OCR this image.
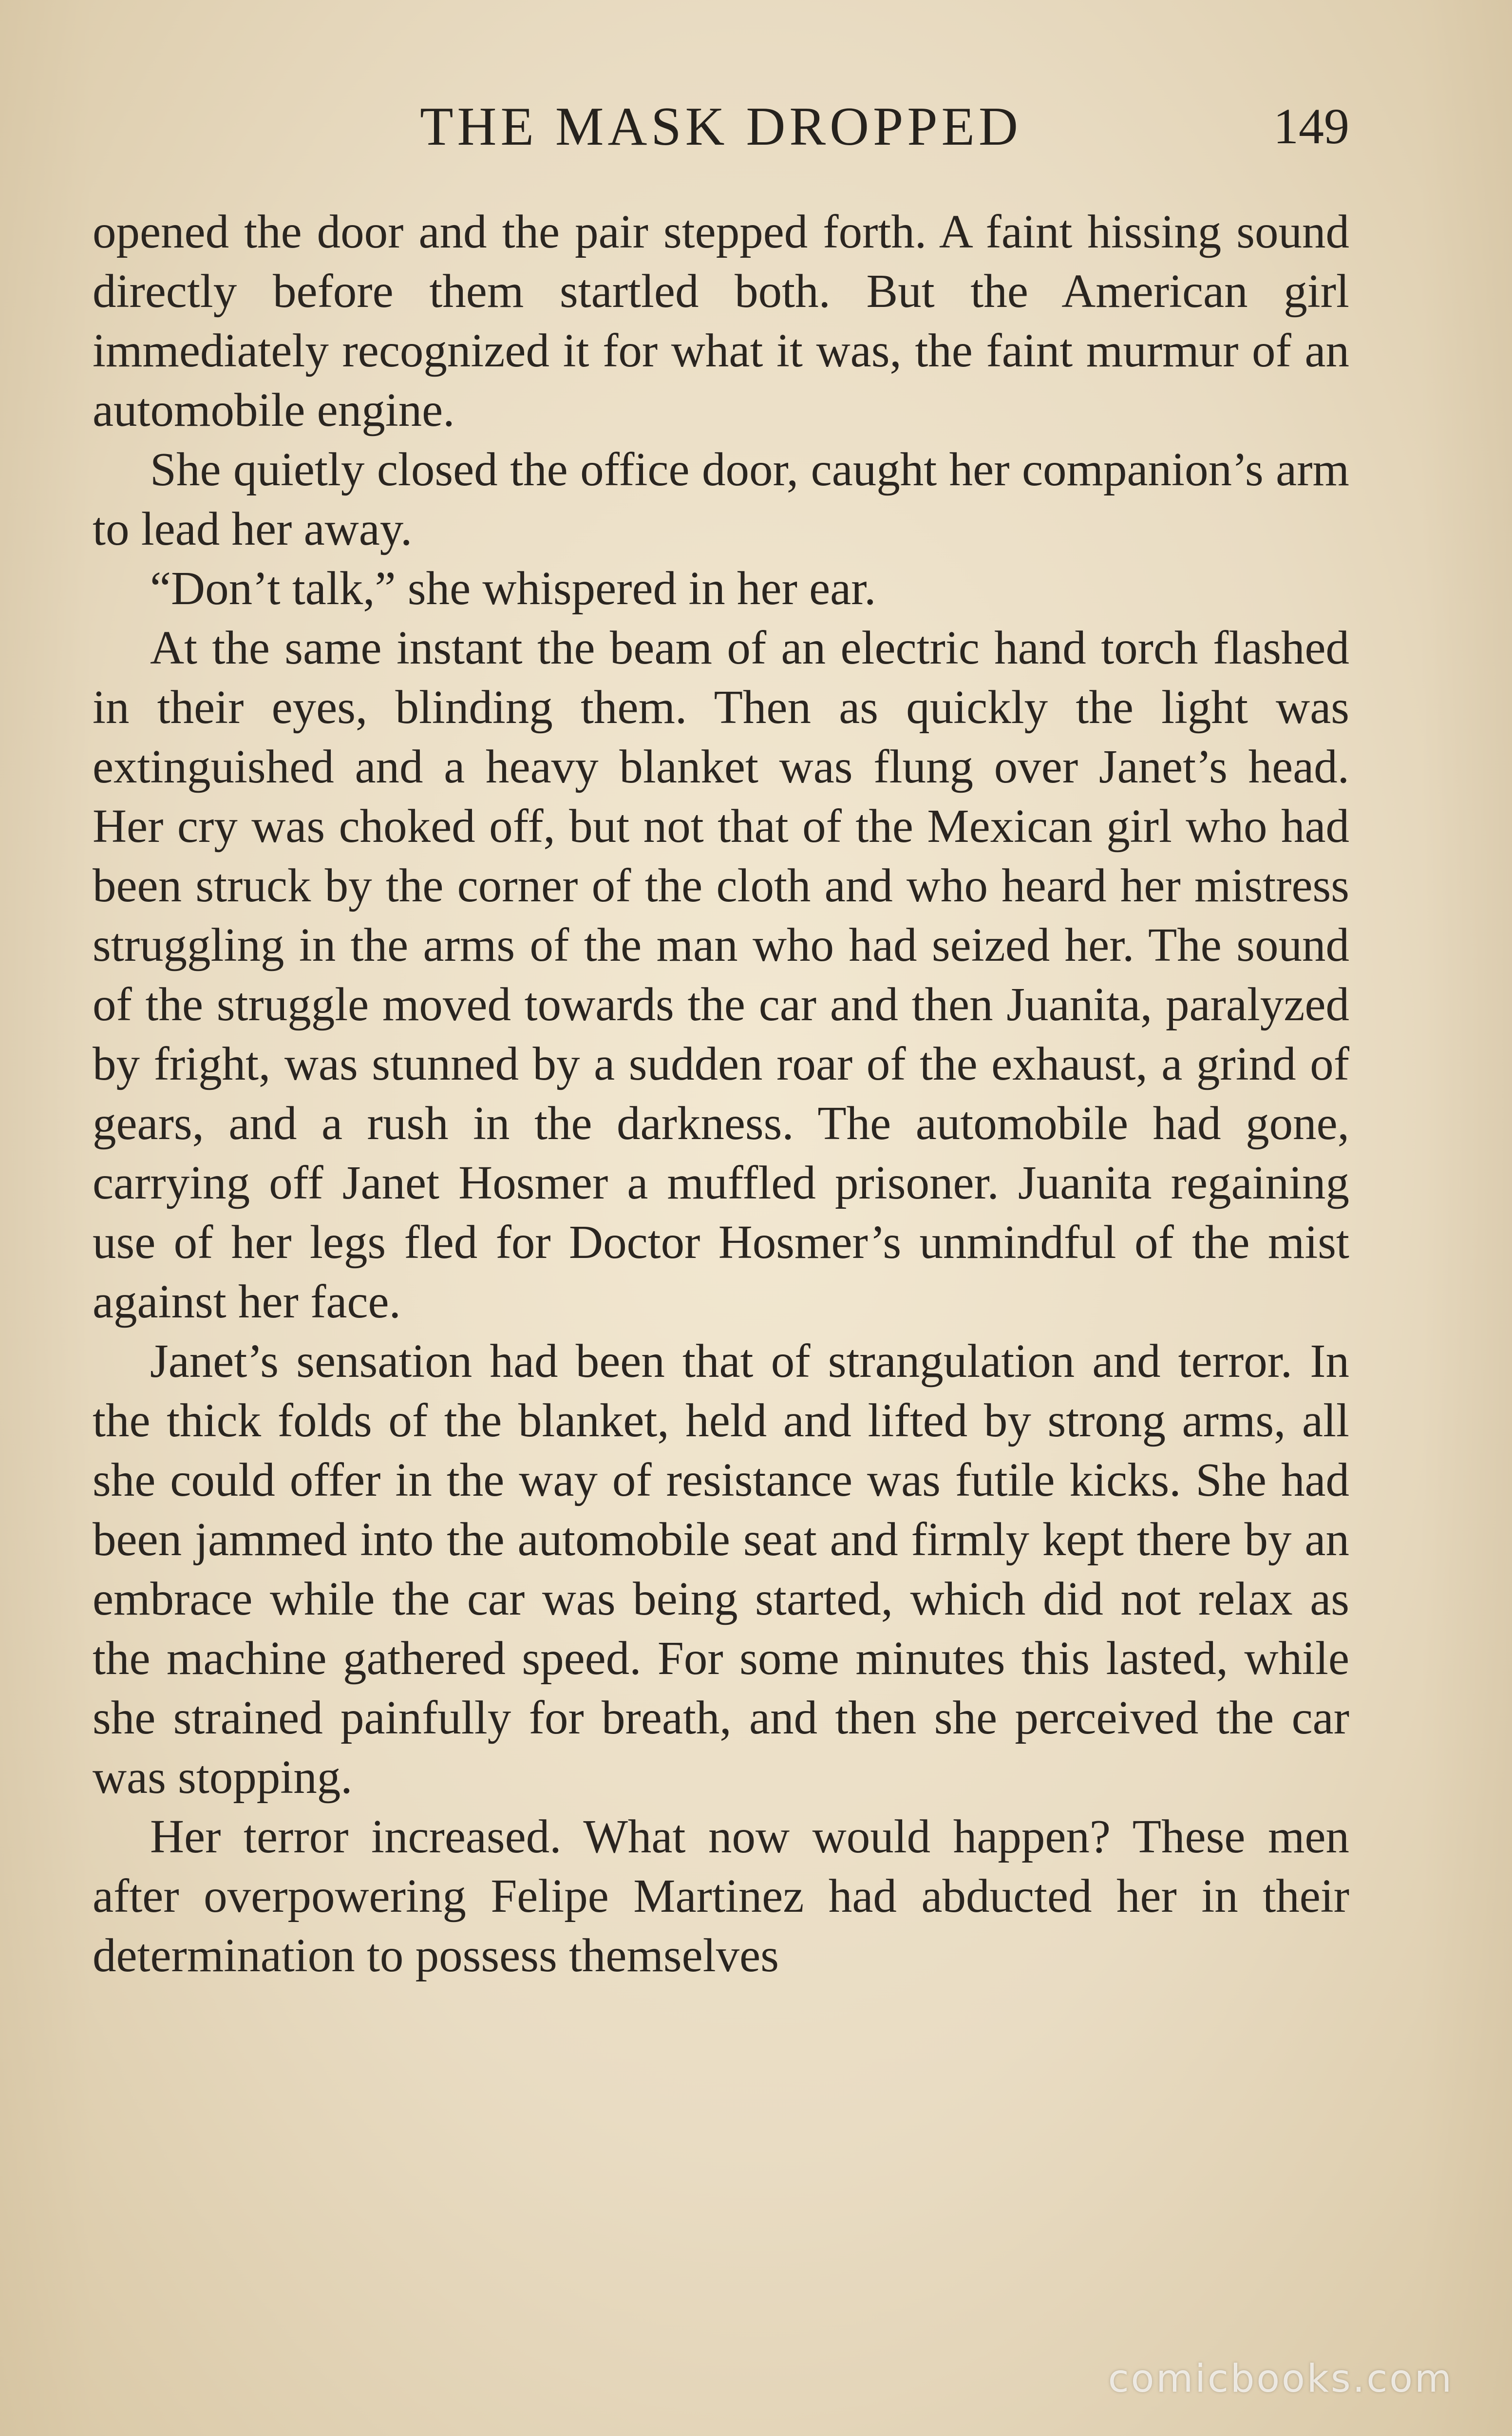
THE MASK DROPPED	149

opened the door and the pair stepped forth. A faint hissing sound directly before them startled both. But the American girl immediately recognized it for what it was, the faint murmur of an automobile engine.

She quietly closed the office door, caught her companion’s arm to lead her away.

“Don’t talk,” she whispered in her ear.

At the same instant the beam of an electric hand torch flashed in their eyes, blinding them. Then as quickly the light was extinguished and a heavy blanket was flung over Janet’s head. Her cry was choked off, but not that of the Mexican girl who had been struck by the corner of the cloth and who heard her mistress struggling in the arms of the man who had seized her. The sound of the struggle moved towards the car and then Juanita, paralyzed by fright, was stunned by a sudden roar of the exhaust, a grind of gears, and a rush in the darkness. The automobile had gone, carrying off Janet Hosmer a muffled prisoner. Juanita regaining use of her legs fled for Doctor Hosmer’s unmindful of the mist against her face.

Janet’s sensation had been that of strangulation and terror. In the thick folds of the blanket, held and lifted by strong arms, all she could offer in the way of resistance was futile kicks. She had been jammed into the automobile seat and firmly kept there by an embrace while the car was being started, which did not relax as the machine gathered speed. For some minutes this lasted, while she strained painfully for breath, and then she perceived the car was stopping.

Her terror increased. What now would happen? These men after overpowering Felipe Martinez had abducted her in their determination to possess themselves

comicbooks.com
